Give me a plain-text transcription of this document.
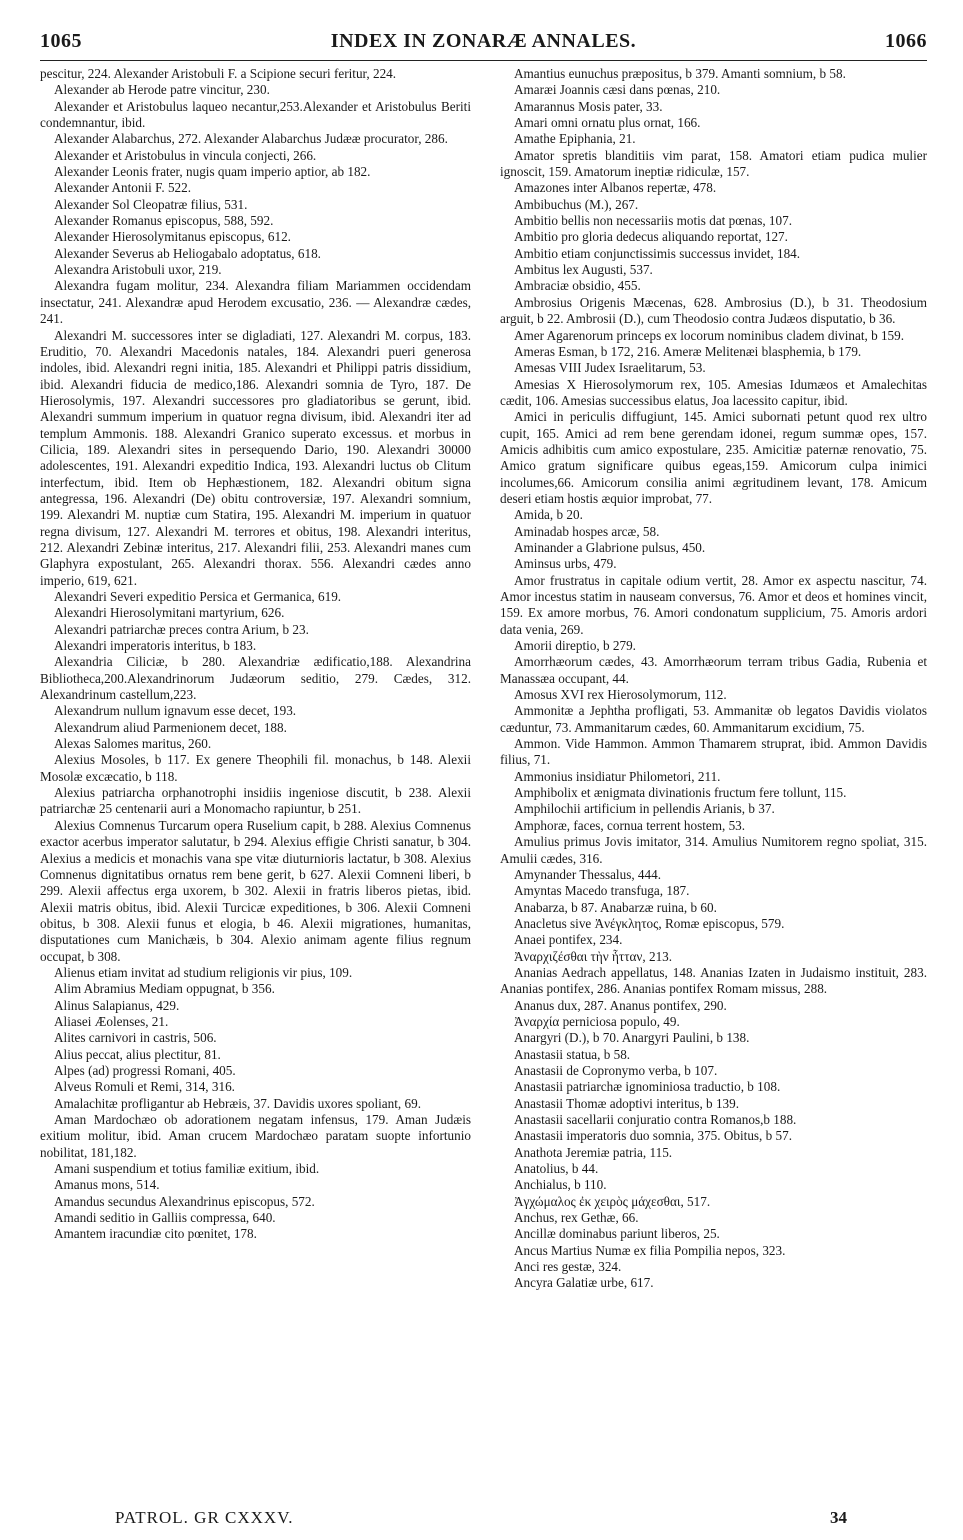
1065	INDEX IN ZONARÆ ANNALES.	1066

pescitur, 224. Alexander Aristobuli F. a Scipione securi feritur, 224.

Alexander ab Herode patre vincitur, 230.

Alexander et Aristobulus laqueo necantur,253.Alexander et Aristobulus Beriti condemnantur, ibid.

Alexander Alabarchus, 272. Alexander Alabarchus Judææ procurator, 286.

Alexander et Aristobulus in vincula conjecti, 266.

Alexander Leonis frater, nugis quam imperio aptior, ab 182.

Alexander Antonii F. 522.

Alexander Sol Cleopatræ filius, 531.

Alexander Romanus episcopus, 588, 592.

Alexander Hierosolymitanus episcopus, 612.

Alexander Severus ab Heliogabalo adoptatus, 618.

Alexandra Aristobuli uxor, 219.

Alexandra fugam molitur, 234. Alexandra filiam Mariammen occidendam insectatur, 241. Alexandræ apud Herodem excusatio, 236. — Alexandræ cædes, 241.

Alexandri M. successores inter se digladiati, 127. Alexandri M. corpus, 183. Eruditio, 70. Alexandri Macedonis natales, 184. Alexandri pueri generosa indoles, ibid. Alexandri regni initia, 185. Alexandri et Philippi patris dissidium, ibid. Alexandri fiducia de medico,186. Alexandri somnia de Tyro, 187. De Hierosolymis, 197. Alexandri successores pro gladiatoribus se gerunt, ibid. Alexandri summum imperium in quatuor regna divisum, ibid. Alexandri iter ad templum Ammonis. 188. Alexandri Granico superato excessus. et morbus in Cilicia, 189. Alexandri sites in persequendo Dario, 190. Alexandri 30000 adolescentes, 191. Alexandri expeditio Indica, 193. Alexandri luctus ob Clitum interfectum, ibid. Item ob Hephæstionem, 182. Alexandri obitum signa antegressa, 196. Alexandri (De) obitu controversiæ, 197. Alexandri somnium, 199. Alexandri M. nuptiæ cum Statira, 195. Alexandri M. imperium in quatuor regna divisum, 127. Alexandri M. terrores et obitus, 198. Alexandri interitus, 212. Alexandri Zebinæ interitus, 217. Alexandri filii, 253. Alexandri manes cum Glaphyra expostulant, 265. Alexandri thorax. 556. Alexandri cædes anno imperio, 619, 621.

Alexandri Severi expeditio Persica et Germanica, 619.

Alexandri Hierosolymitani martyrium, 626.

Alexandri patriarchæ preces contra Arium, b 23.

Alexandri imperatoris interitus, b 183.

Alexandria Ciliciæ, b 280. Alexandriæ ædificatio,188. Alexandrina Bibliotheca,200.Alexandrinorum Judæorum seditio, 279. Cædes, 312. Alexandrinum castellum,223.

Alexandrum nullum ignavum esse decet, 193.

Alexandrum aliud Parmenionem decet, 188.

Alexas Salomes maritus, 260.

Alexius Mosoles, b 117. Ex genere Theophili fil. monachus, b 148. Alexii Mosolæ excæcatio, b 118.

Alexius patriarcha orphanotrophi insidiis ingeniose discutit, b 238. Alexii patriarchæ 25 centenarii auri a Monomacho rapiuntur, b 251.

Alexius Comnenus Turcarum opera Ruselium capit, b 288. Alexius Comnenus exactor acerbus imperator salutatur, b 294. Alexius effigie Christi sanatur, b 304. Alexius a medicis et monachis vana spe vitæ diuturnioris lactatur, b 308. Alexius Comnenus dignitatibus ornatus rem bene gerit, b 627. Alexii Comneni liberi, b 299. Alexii affectus erga uxorem, b 302. Alexii in fratris liberos pietas, ibid. Alexii matris obitus, ibid. Alexii Turcicæ expeditiones, b 306. Alexii Comneni obitus, b 308. Alexii funus et elogia, b 46. Alexii migrationes, humanitas, disputationes cum Manichæis, b 304. Alexio animam agente filius regnum occupat, b 308.

Alienus etiam invitat ad studium religionis vir pius, 109.

Alim Abramius Mediam oppugnat, b 356.

Alinus Salapianus, 429.

Aliasei Æolenses, 21.

Alites carnivori in castris, 506.

Alius peccat, alius plectitur, 81.

Alpes (ad) progressi Romani, 405.

Alveus Romuli et Remi, 314, 316.

Amalachitæ profligantur ab Hebræis, 37. Davidis uxores spoliant, 69.

Aman Mardochæo ob adorationem negatam infensus, 179. Aman Judæis exitium molitur, ibid. Aman crucem Mardochæo paratam suopte infortunio nobilitat, 181,182.

Amani suspendium et totius familiæ exitium, ibid.

Amanus mons, 514.

Amandus secundus Alexandrinus episcopus, 572.

Amandi seditio in Galliis compressa, 640.

Amantem iracundiæ cito pœnitet, 178.

Amantius eunuchus præpositus, b 379. Amanti somnium, b 58.

Amaræi Joannis cæsi dans pœnas, 210.

Amarannus Mosis pater, 33.

Amari omni ornatu plus ornat, 166.

Amathe Epiphania, 21.

Amator spretis blanditiis vim parat, 158. Amatori etiam pudica mulier ignoscit, 159. Amatorum ineptiæ ridiculæ, 157.

Amazones inter Albanos repertæ, 478.

Ambibuchus (M.), 267.

Ambitio bellis non necessariis motis dat pœnas, 107.

Ambitio pro gloria dedecus aliquando reportat, 127.

Ambitio etiam conjunctissimis successus invidet, 184.

Ambitus lex Augusti, 537.

Ambraciæ obsidio, 455.

Ambrosius Origenis Mæcenas, 628. Ambrosius (D.), b 31. Theodosium arguit, b 22. Ambrosii (D.), cum Theodosio contra Judæos disputatio, b 36.

Amer Agarenorum princeps ex locorum nominibus cladem divinat, b 159.

Ameras Esman, b 172, 216. Ameræ Melitenæi blasphemia, b 179.

Amesas VIII Judex Israelitarum, 53.

Amesias X Hierosolymorum rex, 105. Amesias Idumæos et Amalechitas cædit, 106. Amesias successibus elatus, Joa lacessito capitur, ibid.

Amici in periculis diffugiunt, 145. Amici subornati petunt quod rex ultro cupit, 165. Amici ad rem bene gerendam idonei, regum summæ opes, 157. Amicis adhibitis cum amico expostulare, 235. Amicitiæ paternæ renovatio, 75. Amico gratum significare quibus egeas,159. Amicorum culpa inimici incolumes,66. Amicorum consilia animi ægritudinem levant, 178. Amicum deseri etiam hostis æquior improbat, 77.

Amida, b 20.

Aminadab hospes arcæ, 58.

Aminander a Glabrione pulsus, 450.

Aminsus urbs, 479.

Amor frustratus in capitale odium vertit, 28. Amor ex aspectu nascitur, 74. Amor incestus statim in nauseam conversus, 76. Amor et deos et homines vincit, 159. Ex amore morbus, 76. Amori condonatum supplicium, 75. Amoris ardori data venia, 269.

Amorii direptio, b 279.

Amorrhæorum cædes, 43. Amorrhæorum terram tribus Gadia, Rubenia et Manassæa occupant, 44.

Amosus XVI rex Hierosolymorum, 112.

Ammonitæ a Jephtha profligati, 53. Ammanitæ ob legatos Davidis violatos cæduntur, 73. Ammanitarum cædes, 60. Ammanitarum excidium, 75.

Ammon. Vide Hammon. Ammon Thamarem struprat, ibid. Ammon Davidis filius, 71.

Ammonius insidiatur Philometori, 211.

Amphibolix et ænigmata divinationis fructum fere tollunt, 115.

Amphilochii artificium in pellendis Arianis, b 37.

Amphoræ, faces, cornua terrent hostem, 53.

Amulius primus Jovis imitator, 314. Amulius Numitorem regno spoliat, 315. Amulii cædes, 316.

Amynander Thessalus, 444.

Amyntas Macedo transfuga, 187.

Anabarza, b 87. Anabarzæ ruina, b 60.

Anacletus sive Ἀνέγκλητος, Romæ episcopus, 579.

Anaei pontifex, 234.

Ἀναρχιζέσθαι τὴν ἧτταν, 213.

Ananias Aedrach appellatus, 148. Ananias Izaten in Judaismo instituit, 283. Ananias pontifex, 286. Ananias pontifex Romam missus, 288.

Ananus dux, 287. Ananus pontifex, 290.

Ἀναρχία perniciosa populo, 49.

Anargyri (D.), b 70. Anargyri Paulini, b 138.

Anastasii statua, b 58.

Anastasii de Copronymo verba, b 107.

Anastasii patriarchæ ignominiosa traductio, b 108.

Anastasii Thomæ adoptivi interitus, b 139.

Anastasii sacellarii conjuratio contra Romanos,b 188.

Anastasii imperatoris duo somnia, 375. Obitus, b 57.

Anathota Jeremiæ patria, 115.

Anatolius, b 44.

Anchialus, b 110.

Ἀγχώμαλος ἐκ χειρὸς μάχεσθαι, 517.

Anchus, rex Gethæ, 66.

Ancillæ dominabus pariunt liberos, 25.

Ancus Martius Numæ ex filia Pompilia nepos, 323.

Anci res gestæ, 324.

Ancyra Galatiæ urbe, 617.

PATROL. GR CXXXV.	34
